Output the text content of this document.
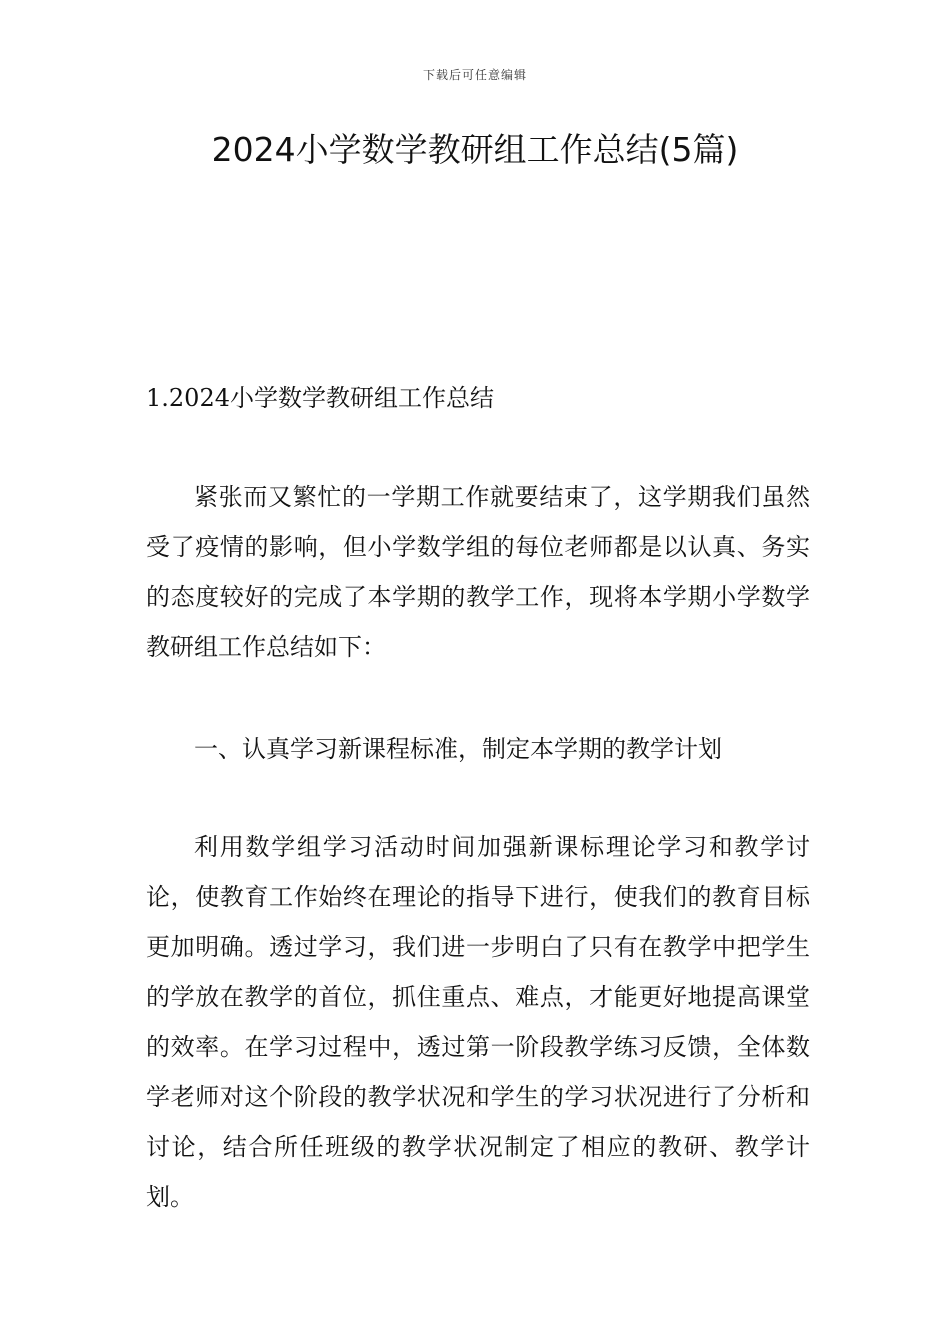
下载后可任意编辑
2024小学数学教研组工作总结(5篇)
1.2024小学数学教研组工作总结

紧张而又繁忙的一学期工作就要结束了，这学期我们虽然受了疫情的影响，但小学数学组的每位老师都是以认真、务实的态度较好的完成了本学期的教学工作，现将本学期小学数学教研组工作总结如下：

一、认真学习新课程标准，制定本学期的教学计划

利用数学组学习活动时间加强新课标理论学习和教学讨论，使教育工作始终在理论的指导下进行，使我们的教育目标更加明确。透过学习，我们进一步明白了只有在教学中把学生的学放在教学的首位，抓住重点、难点，才能更好地提高课堂的效率。在学习过程中，透过第一阶段教学练习反馈，全体数学老师对这个阶段的教学状况和学生的学习状况进行了分析和讨论，结合所任班级的教学状况制定了相应的教研、教学计划。
